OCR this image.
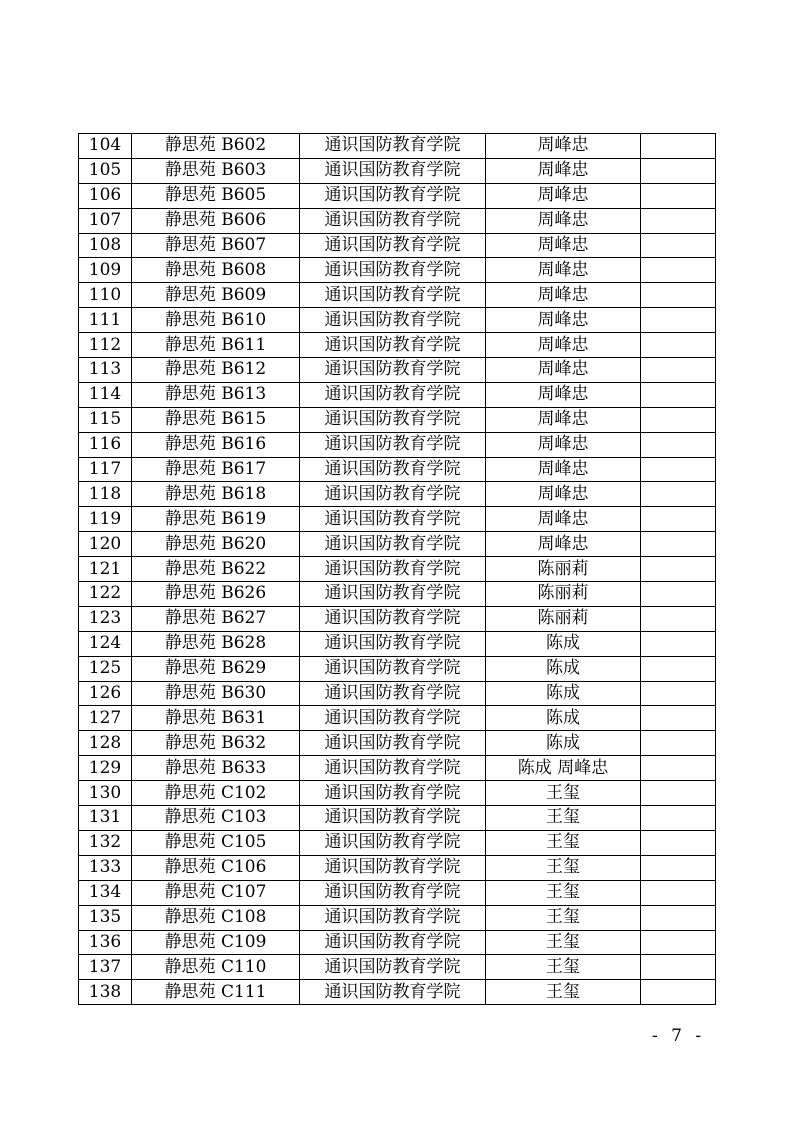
104	静思苑 B602	通识国防教育学院	周峰忠	
105	静思苑 B603	通识国防教育学院	周峰忠	
106	静思苑 B605	通识国防教育学院	周峰忠	
107	静思苑 B606	通识国防教育学院	周峰忠	
108	静思苑 B607	通识国防教育学院	周峰忠	
109	静思苑 B608	通识国防教育学院	周峰忠	
110	静思苑 B609	通识国防教育学院	周峰忠	
111	静思苑 B610	通识国防教育学院	周峰忠	
112	静思苑 B611	通识国防教育学院	周峰忠	
113	静思苑 B612	通识国防教育学院	周峰忠	
114	静思苑 B613	通识国防教育学院	周峰忠	
115	静思苑 B615	通识国防教育学院	周峰忠	
116	静思苑 B616	通识国防教育学院	周峰忠	
117	静思苑 B617	通识国防教育学院	周峰忠	
118	静思苑 B618	通识国防教育学院	周峰忠	
119	静思苑 B619	通识国防教育学院	周峰忠	
120	静思苑 B620	通识国防教育学院	周峰忠	
121	静思苑 B622	通识国防教育学院	陈丽莉	
122	静思苑 B626	通识国防教育学院	陈丽莉	
123	静思苑 B627	通识国防教育学院	陈丽莉	
124	静思苑 B628	通识国防教育学院	陈成	
125	静思苑 B629	通识国防教育学院	陈成	
126	静思苑 B630	通识国防教育学院	陈成	
127	静思苑 B631	通识国防教育学院	陈成	
128	静思苑 B632	通识国防教育学院	陈成	
129	静思苑 B633	通识国防教育学院	陈成 周峰忠	
130	静思苑 C102	通识国防教育学院	王玺	
131	静思苑 C103	通识国防教育学院	王玺	
132	静思苑 C105	通识国防教育学院	王玺	
133	静思苑 C106	通识国防教育学院	王玺	
134	静思苑 C107	通识国防教育学院	王玺	
135	静思苑 C108	通识国防教育学院	王玺	
136	静思苑 C109	通识国防教育学院	王玺	
137	静思苑 C110	通识国防教育学院	王玺	
138	静思苑 C111	通识国防教育学院	王玺	
- 7 -
